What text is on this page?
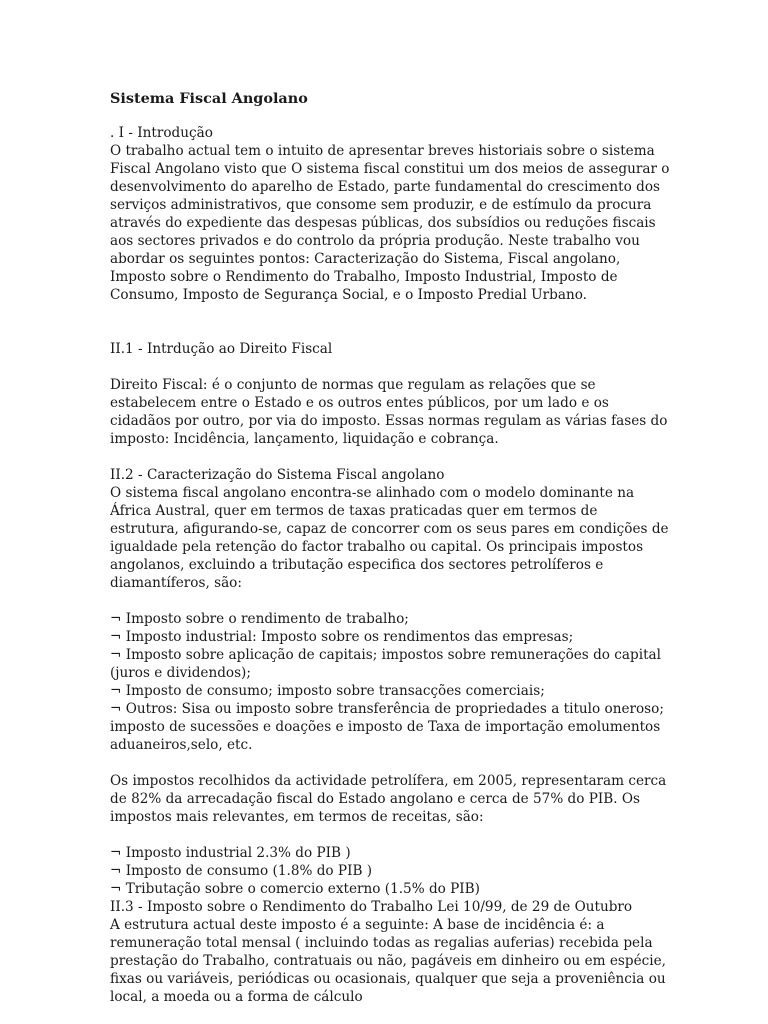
Sistema Fiscal Angolano

. I - Introdução

O trabalho actual tem o intuito de apresentar breves historiais sobre o sistema Fiscal Angolano visto que O sistema fiscal constitui um dos meios de assegurar o desenvolvimento do aparelho de Estado, parte fundamental do crescimento dos serviços administrativos, que consome sem produzir, e de estímulo da procura através do expediente das despesas públicas, dos subsídios ou reduções fiscais aos sectores privados e do controlo da própria produção. Neste trabalho vou abordar os seguintes pontos: Caracterização do Sistema, Fiscal angolano, Imposto sobre o Rendimento do Trabalho, Imposto Industrial, Imposto de Consumo, Imposto de Segurança Social, e o Imposto Predial Urbano.

II.1 - Intrdução ao Direito Fiscal

Direito Fiscal: é o conjunto de normas que regulam as relações que se estabelecem entre o Estado e os outros entes públicos, por um lado e os cidadãos por outro, por via do imposto. Essas normas regulam as várias fases do imposto: Incidência, lançamento, liquidação e cobrança.

II.2 - Caracterização do Sistema Fiscal angolano

O sistema fiscal angolano encontra-se alinhado com o modelo dominante na África Austral, quer em termos de taxas praticadas quer em termos de estrutura, afigurando-se, capaz de concorrer com os seus pares em condições de igualdade pela retenção do factor trabalho ou capital. Os principais impostos angolanos, excluindo a tributação especifica dos sectores petrolíferos e diamantíferos, são:

¬ Imposto sobre o rendimento de trabalho;
¬ Imposto industrial: Imposto sobre os rendimentos das empresas;
¬ Imposto sobre aplicação de capitais; impostos sobre remunerações do capital (juros e dividendos);
¬ Imposto de consumo; imposto sobre transacções comerciais;
¬ Outros: Sisa ou imposto sobre transferência de propriedades a titulo oneroso; imposto de sucessões e doações e imposto de Taxa de importação emolumentos aduaneiros,selo, etc.

Os impostos recolhidos da actividade petrolífera, em 2005, representaram cerca de 82% da arrecadação fiscal do Estado angolano e cerca de 57% do PIB. Os impostos mais relevantes, em termos de receitas, são:

¬ Imposto industrial 2.3% do PIB )
¬ Imposto de consumo (1.8% do PIB )
¬ Tributação sobre o comercio externo (1.5% do PIB)

II.3 - Imposto sobre o Rendimento do Trabalho Lei 10/99, de 29 de Outubro

A estrutura actual deste imposto é a seguinte: A base de incidência é: a remuneração total mensal ( incluindo todas as regalias auferias) recebida pela prestação do Trabalho, contratuais ou não, pagáveis em dinheiro ou em espécie, fixas ou variáveis, periódicas ou ocasionais, qualquer que seja a proveniência ou local, a moeda ou a forma de cálculo
